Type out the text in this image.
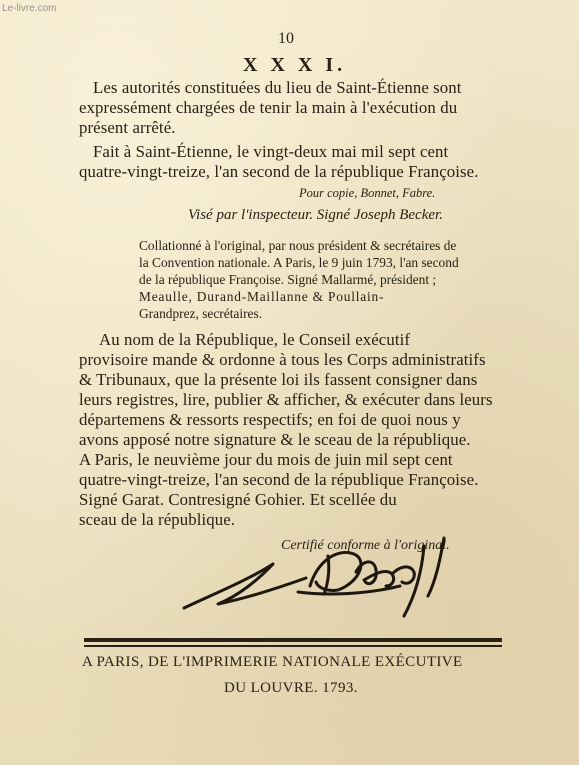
Le-livre.com

10

X X X I.

Les autorités constituées du lieu de Saint-Étienne sont

expressément chargées de tenir la main à l'exécution du

présent arrêté.

Fait à Saint-Étienne, le vingt-deux mai mil sept cent

quatre-vingt-treize, l'an second de la république Françoise.

Pour copie, Bonnet, Fabre.

Visé par l'inspecteur. Signé Joseph Becker.

Collationné à l'original, par nous président & secrétaires de

la Convention nationale. A Paris, le 9 juin 1793, l'an second

de la république Françoise. Signé Mallarmé, président ;

Meaulle, Durand-Maillanne & Poullain-

Grandprez, secrétaires.

Au nom de la République, le Conseil exécutif

provisoire mande & ordonne à tous les Corps administratifs

& Tribunaux, que la présente loi ils fassent consigner dans

leurs registres, lire, publier & afficher, & exécuter dans leurs

départemens & ressorts respectifs; en foi de quoi nous y

avons apposé notre signature & le sceau de la république.

A Paris, le neuvième jour du mois de juin mil sept cent

quatre-vingt-treize, l'an second de la république Françoise.

Signé Garat. Contresigné Gohier. Et scellée du

sceau de la république.

Certifié conforme à l'original.

A PARIS, DE L'IMPRIMERIE NATIONALE EXÉCUTIVE

DU LOUVRE. 1793.
